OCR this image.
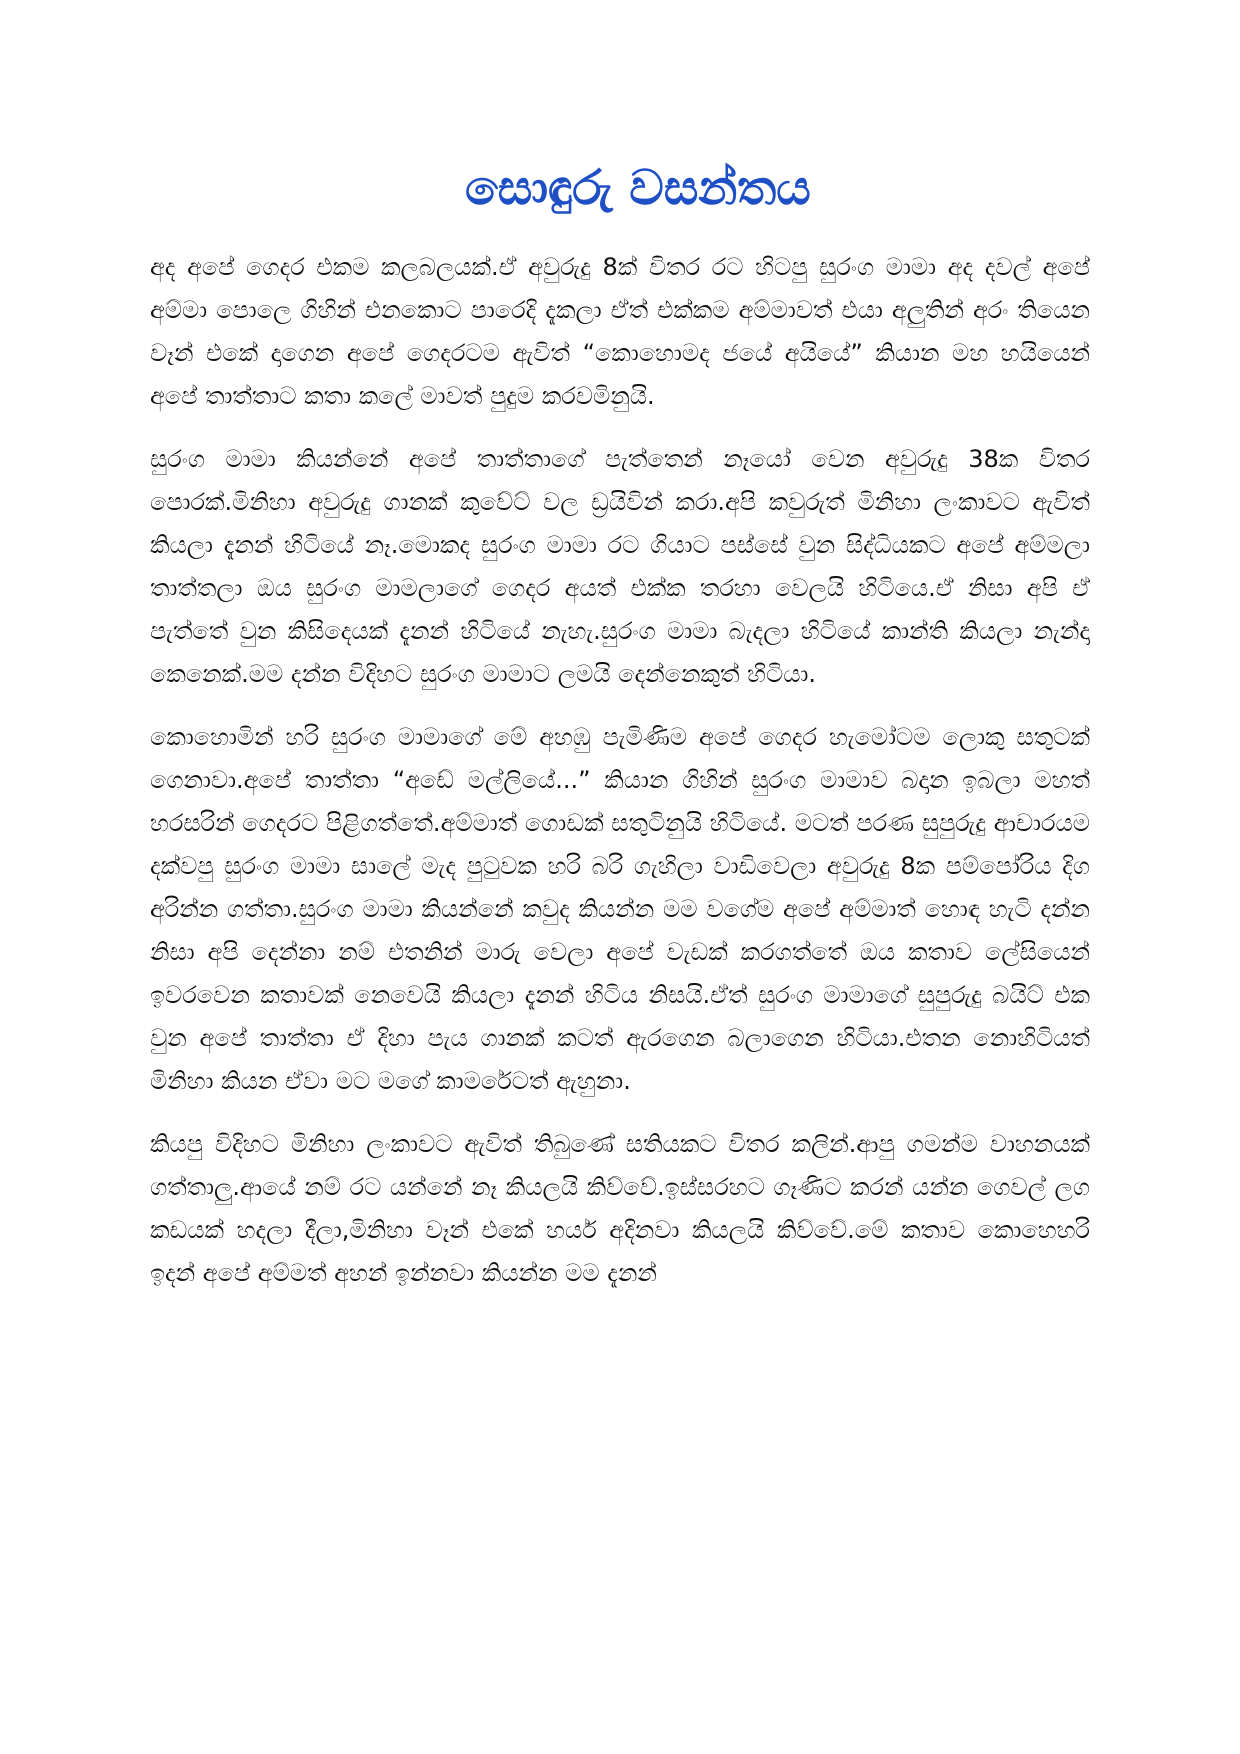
සොඳුරු වසන්තය

අද අපේ ගෙදර එකම කලබලයක්.ඒ අවුරුදු 8ක් විතර රට හිටපු සුරංග මාමා අද දවල් අපේ අම්මා පොලෙ ගිහින් එනකොට පාරෙදි දැකලා ඒත් එක්කම අම්මාවත් එයා අලුතින් අරං තියෙන වෑන් එකේ දාගෙන අපේ ගෙදරටම ඇවිත් “කොහොමද ජයේ අයියේ” කියාන මහ හයියෙන් අපේ තාත්තාට කතා කලේ මාවත් පුදුම කරවමිනුයි.

සුරංග මාමා කියන්නේ අපේ තාත්තාගේ පැත්තෙන් නෑයෝ වෙන අවුරුදු 38ක විතර පොරක්.මිනිහා අවුරුදු ගානක් කුවේට් වල ඩ්‍රයිවින් කරා.අපි කවුරුත් මිනිහා ලංකාවට ඇවිත් කියලා දැනන් හිටියේ නෑ.මොකද සුරංග මාමා රට ගියාට පස්සේ වුන සිද්ධියකට අපේ අම්මලා තාත්තලා ඔය සුරංග මාමලාගේ ගෙදර අයත් එක්ක තරහා වෙලයි හිටියෙ.ඒ නිසා අපි ඒ පැත්තේ වුන කිසිදෙයක් දැනන් හිටියේ නැහැ.සුරංග මාමා බැදලා හිටියේ කාන්ති කියලා නැන්දා කෙනෙක්.මම දන්න විදිහට සුරංග මාමාට ලමයි දෙන්නෙකුත් හිටියා.

කොහොමින් හරි සුරංග මාමාගේ මේ අහඹු පැමිණිම අපේ ගෙදර හැමෝටම ලොකු සතුටක් ගෙනාවා.අපේ තාත්තා “අඩේ මල්ලියේ...” කියාන ගිහින් සුරංග මාමාව බදාන ඉබලා මහත් හරසරින් ගෙදරට පිළිගත්තේ.අම්මාත් ගොඩක් සතුටිනුයි හිටියේ. මටත් පරණ සුපුරුදු ආචාරයම දක්වපු සුරංග මාමා සාලේ මැද පුටුවක හරි බරි ගැහිලා වාඩිවෙලා අවුරුදු 8ක පම්පෝරිය දිග අරින්න ගත්තා.සුරංග මාමා කියන්නේ කවුද කියන්න මම වගේම අපේ අම්මාත් හොඳ හැටි දන්න නිසා අපි දෙන්නා නම් එතනින් මාරු වෙලා අපේ වැඩක් කරගත්තේ ඔය කතාව ලේසියෙන් ඉවරවෙන කතාවක් නෙවෙයි කියලා දැනන් හිටිය නිසයි.ඒත් සුරංග මාමාගේ සුපුරුදු බයිට් එක වුන අපේ තාත්තා ඒ දිහා පැය ගානක් කටත් ඇරගෙන බලාගෙන හිටියා.එතන නොහිටියත් මිනිහා කියන ඒවා මට මගේ කාමරේටත් ඇහුනා.

කියපු විදිහට මිනිහා ලංකාවට ඇවිත් තිබුණේ සතියකට විතර කලින්.ආපු ගමන්ම වාහනයක් ගත්තාලු.ආයේ නම් රට යන්නේ නෑ කියලයි කිව්වේ.ඉස්සරහට ගෑණිට කරන් යන්න ගෙවල් ලග කඩයක් හදලා දීලා,මිනිහා වෑන් එකේ හයර් අදිනවා කියලයි කිව්වේ.මේ කතාව කොහෙහරි ඉදන් අපේ අම්මත් අහන් ඉන්නවා කියන්න මම දැනන්
